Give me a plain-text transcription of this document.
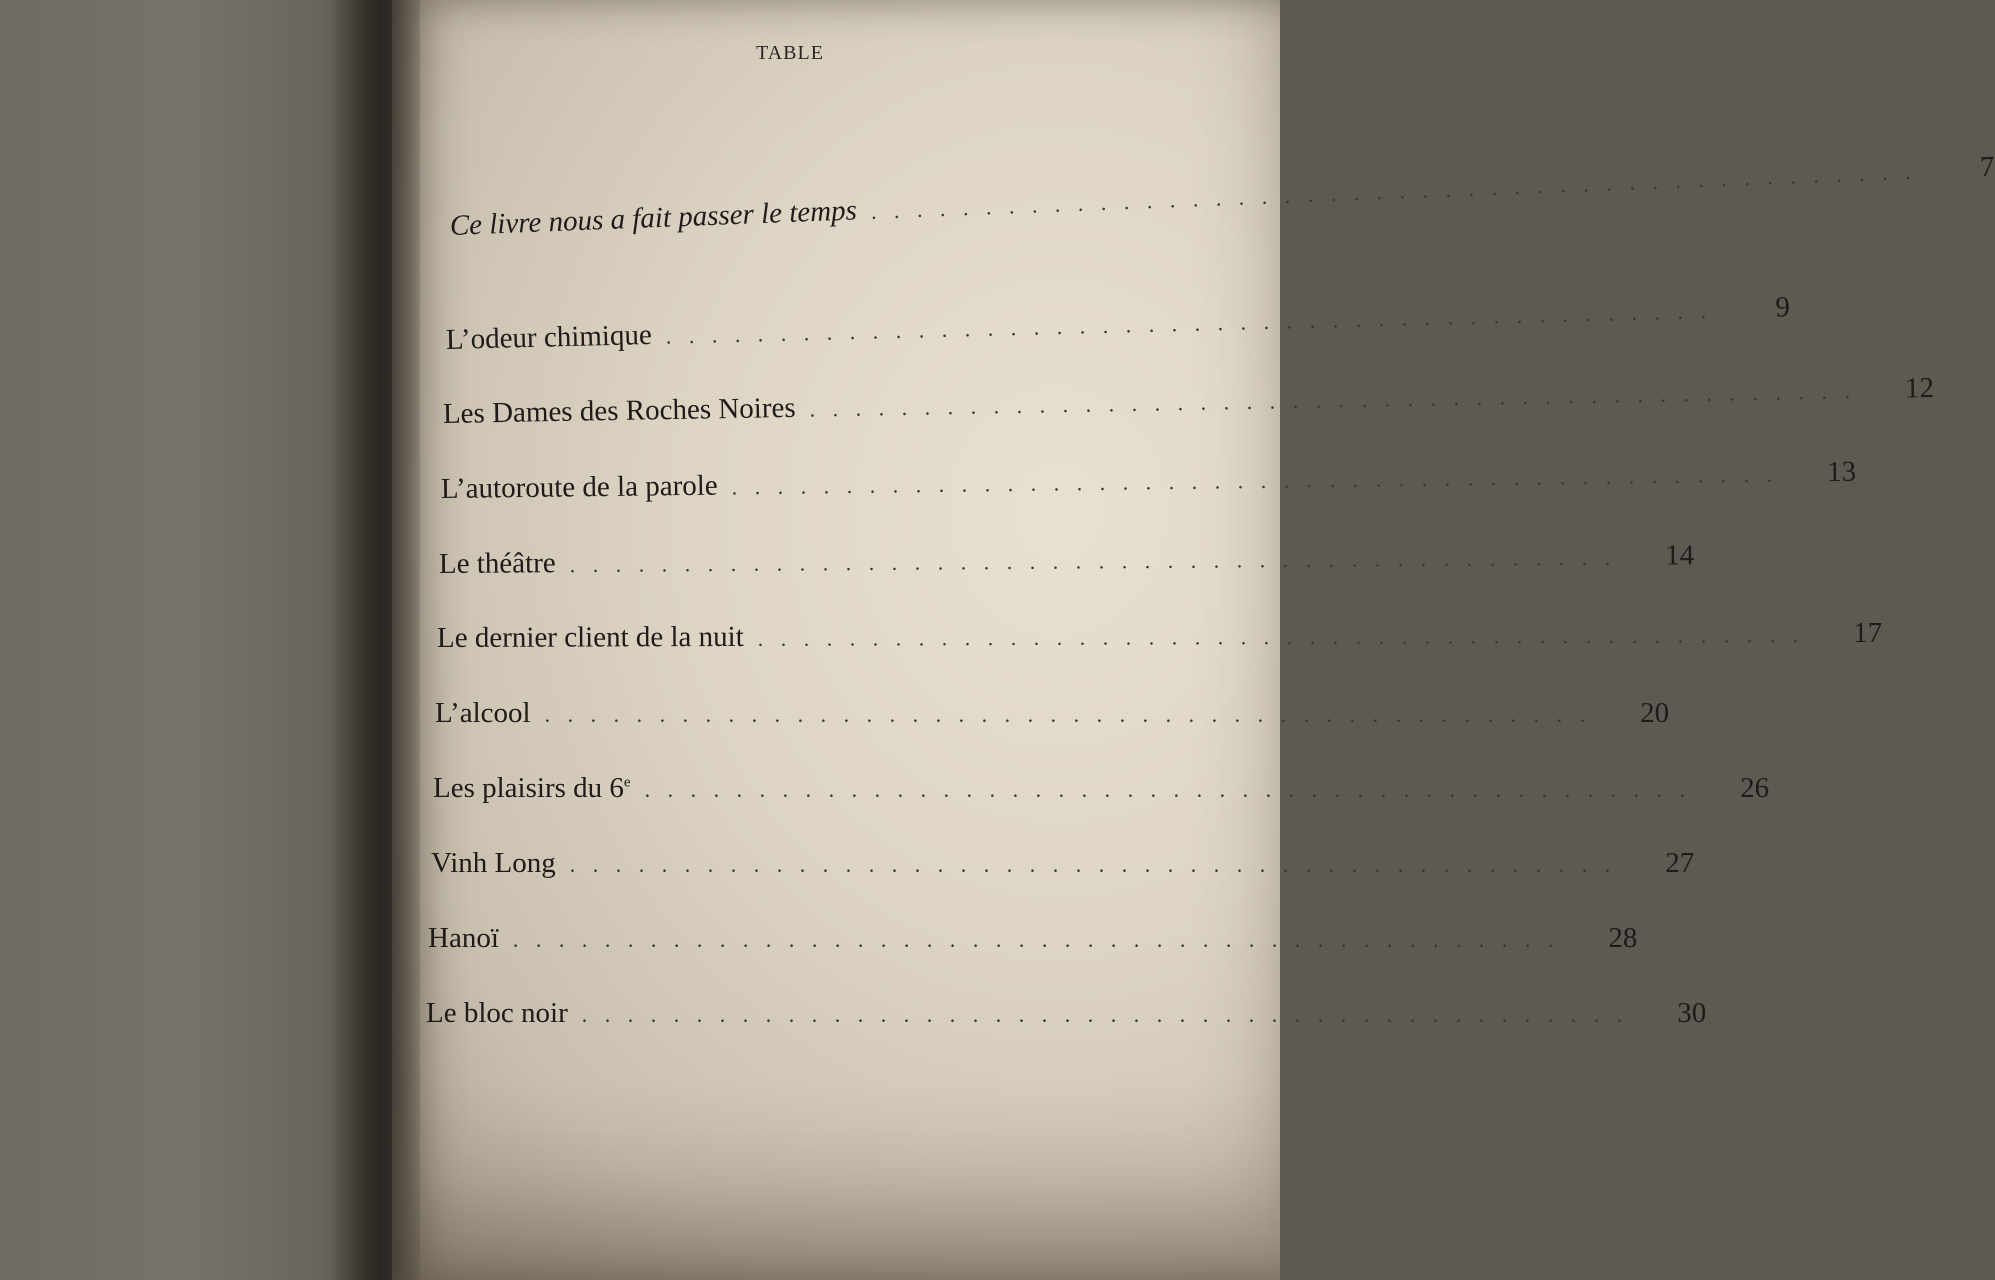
TABLE
Ce livre nous a fait passer le temps . . . . . . . . . . . . . . . . . . . . . . . . . . . . . . . . . . . . . . . . . . . . . .	7
L’odeur chimique . . . . . . . . . . . . . . . . . . . . . . . . . . . . . . . . . . . . . . . . . . . . . .	9
Les Dames des Roches Noires . . . . . . . . . . . . . . . . . . . . . . . . . . . . . . . . . . . . . . . . . . . . . .	12
L’autoroute de la parole . . . . . . . . . . . . . . . . . . . . . . . . . . . . . . . . . . . . . . . . . . . . . .	13
Le théâtre . . . . . . . . . . . . . . . . . . . . . . . . . . . . . . . . . . . . . . . . . . . . . .	14
Le dernier client de la nuit . . . . . . . . . . . . . . . . . . . . . . . . . . . . . . . . . . . . . . . . . . . . . .	17
L’alcool . . . . . . . . . . . . . . . . . . . . . . . . . . . . . . . . . . . . . . . . . . . . . .	20
Les plaisirs du 6e . . . . . . . . . . . . . . . . . . . . . . . . . . . . . . . . . . . . . . . . . . . . . .	26
Vinh Long . . . . . . . . . . . . . . . . . . . . . . . . . . . . . . . . . . . . . . . . . . . . . .	27
Hanoï . . . . . . . . . . . . . . . . . . . . . . . . . . . . . . . . . . . . . . . . . . . . . .	28
Le bloc noir . . . . . . . . . . . . . . . . . . . . . . . . . . . . . . . . . . . . . . . . . . . . . .	30
